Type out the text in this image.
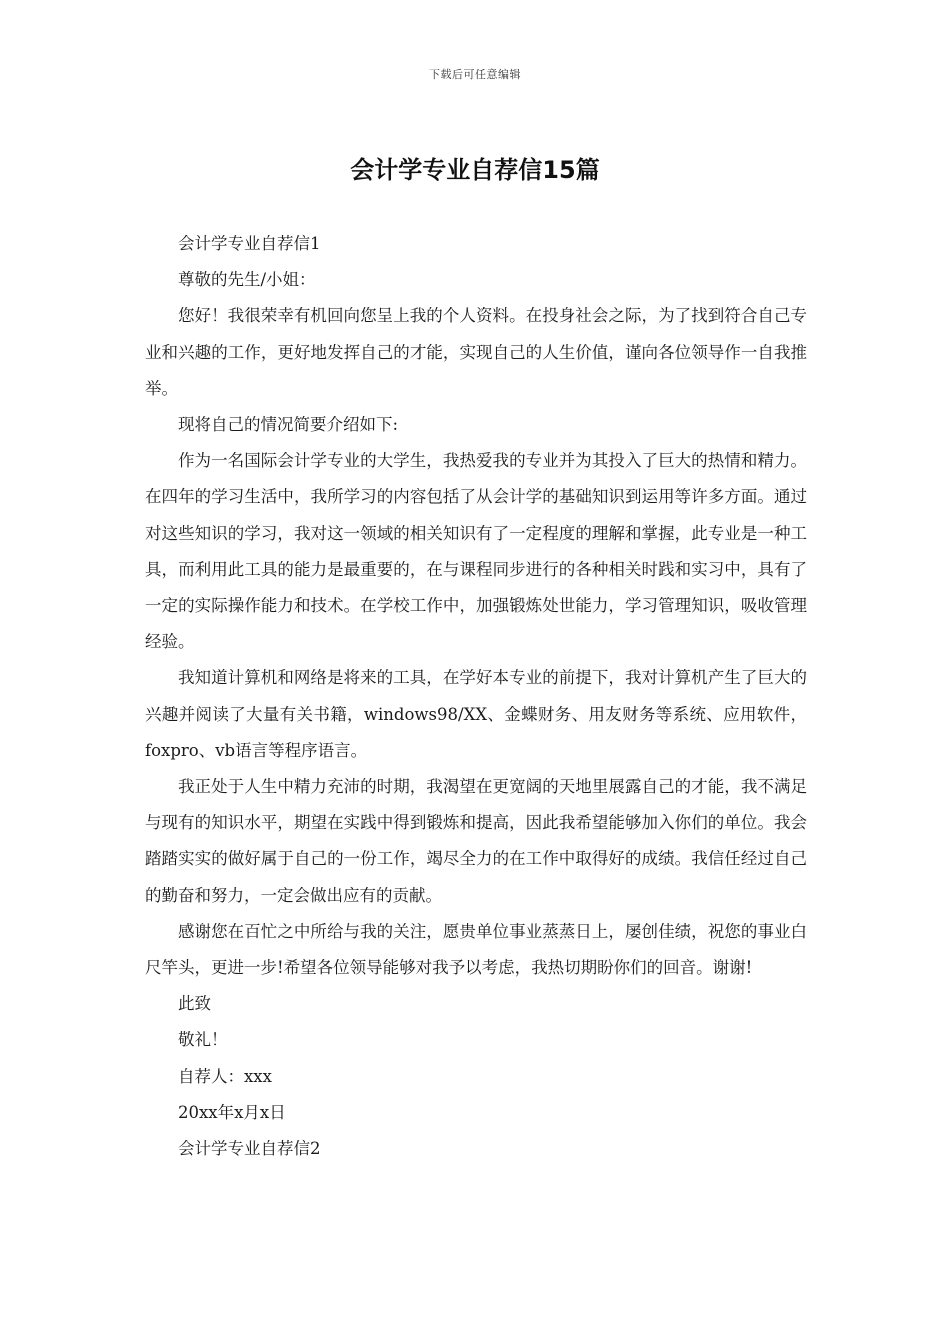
下载后可任意编辑
会计学专业自荐信15篇

会计学专业自荐信1

尊敬的先生/小姐：

您好！我很荣幸有机回向您呈上我的个人资料。在投身社会之际，为了找到符合自己专业和兴趣的工作，更好地发挥自己的才能，实现自己的人生价值，谨向各位领导作一自我推举。

现将自己的情况简要介绍如下:

作为一名国际会计学专业的大学生，我热爱我的专业并为其投入了巨大的热情和精力。在四年的学习生活中，我所学习的内容包括了从会计学的基础知识到运用等许多方面。通过对这些知识的学习，我对这一领域的相关知识有了一定程度的理解和掌握，此专业是一种工具，而利用此工具的能力是最重要的，在与课程同步进行的各种相关时践和实习中，具有了一定的实际操作能力和技术。在学校工作中，加强锻炼处世能力，学习管理知识，吸收管理经验。

我知道计算机和网络是将来的工具，在学好本专业的前提下，我对计算机产生了巨大的兴趣并阅读了大量有关书籍，windows98/XX、金蝶财务、用友财务等系统、应用软件，foxpro、vb语言等程序语言。

我正处于人生中精力充沛的时期，我渴望在更宽阔的天地里展露自己的才能，我不满足与现有的知识水平，期望在实践中得到锻炼和提高，因此我希望能够加入你们的单位。我会踏踏实实的做好属于自己的一份工作，竭尽全力的在工作中取得好的成绩。我信任经过自己的勤奋和努力，一定会做出应有的贡献。

感谢您在百忙之中所给与我的关注，愿贵单位事业蒸蒸日上，屡创佳绩，祝您的事业白尺竿头，更进一步!希望各位领导能够对我予以考虑，我热切期盼你们的回音。谢谢!

此致

敬礼！

自荐人：xxx

20xx年x月x日

会计学专业自荐信2
